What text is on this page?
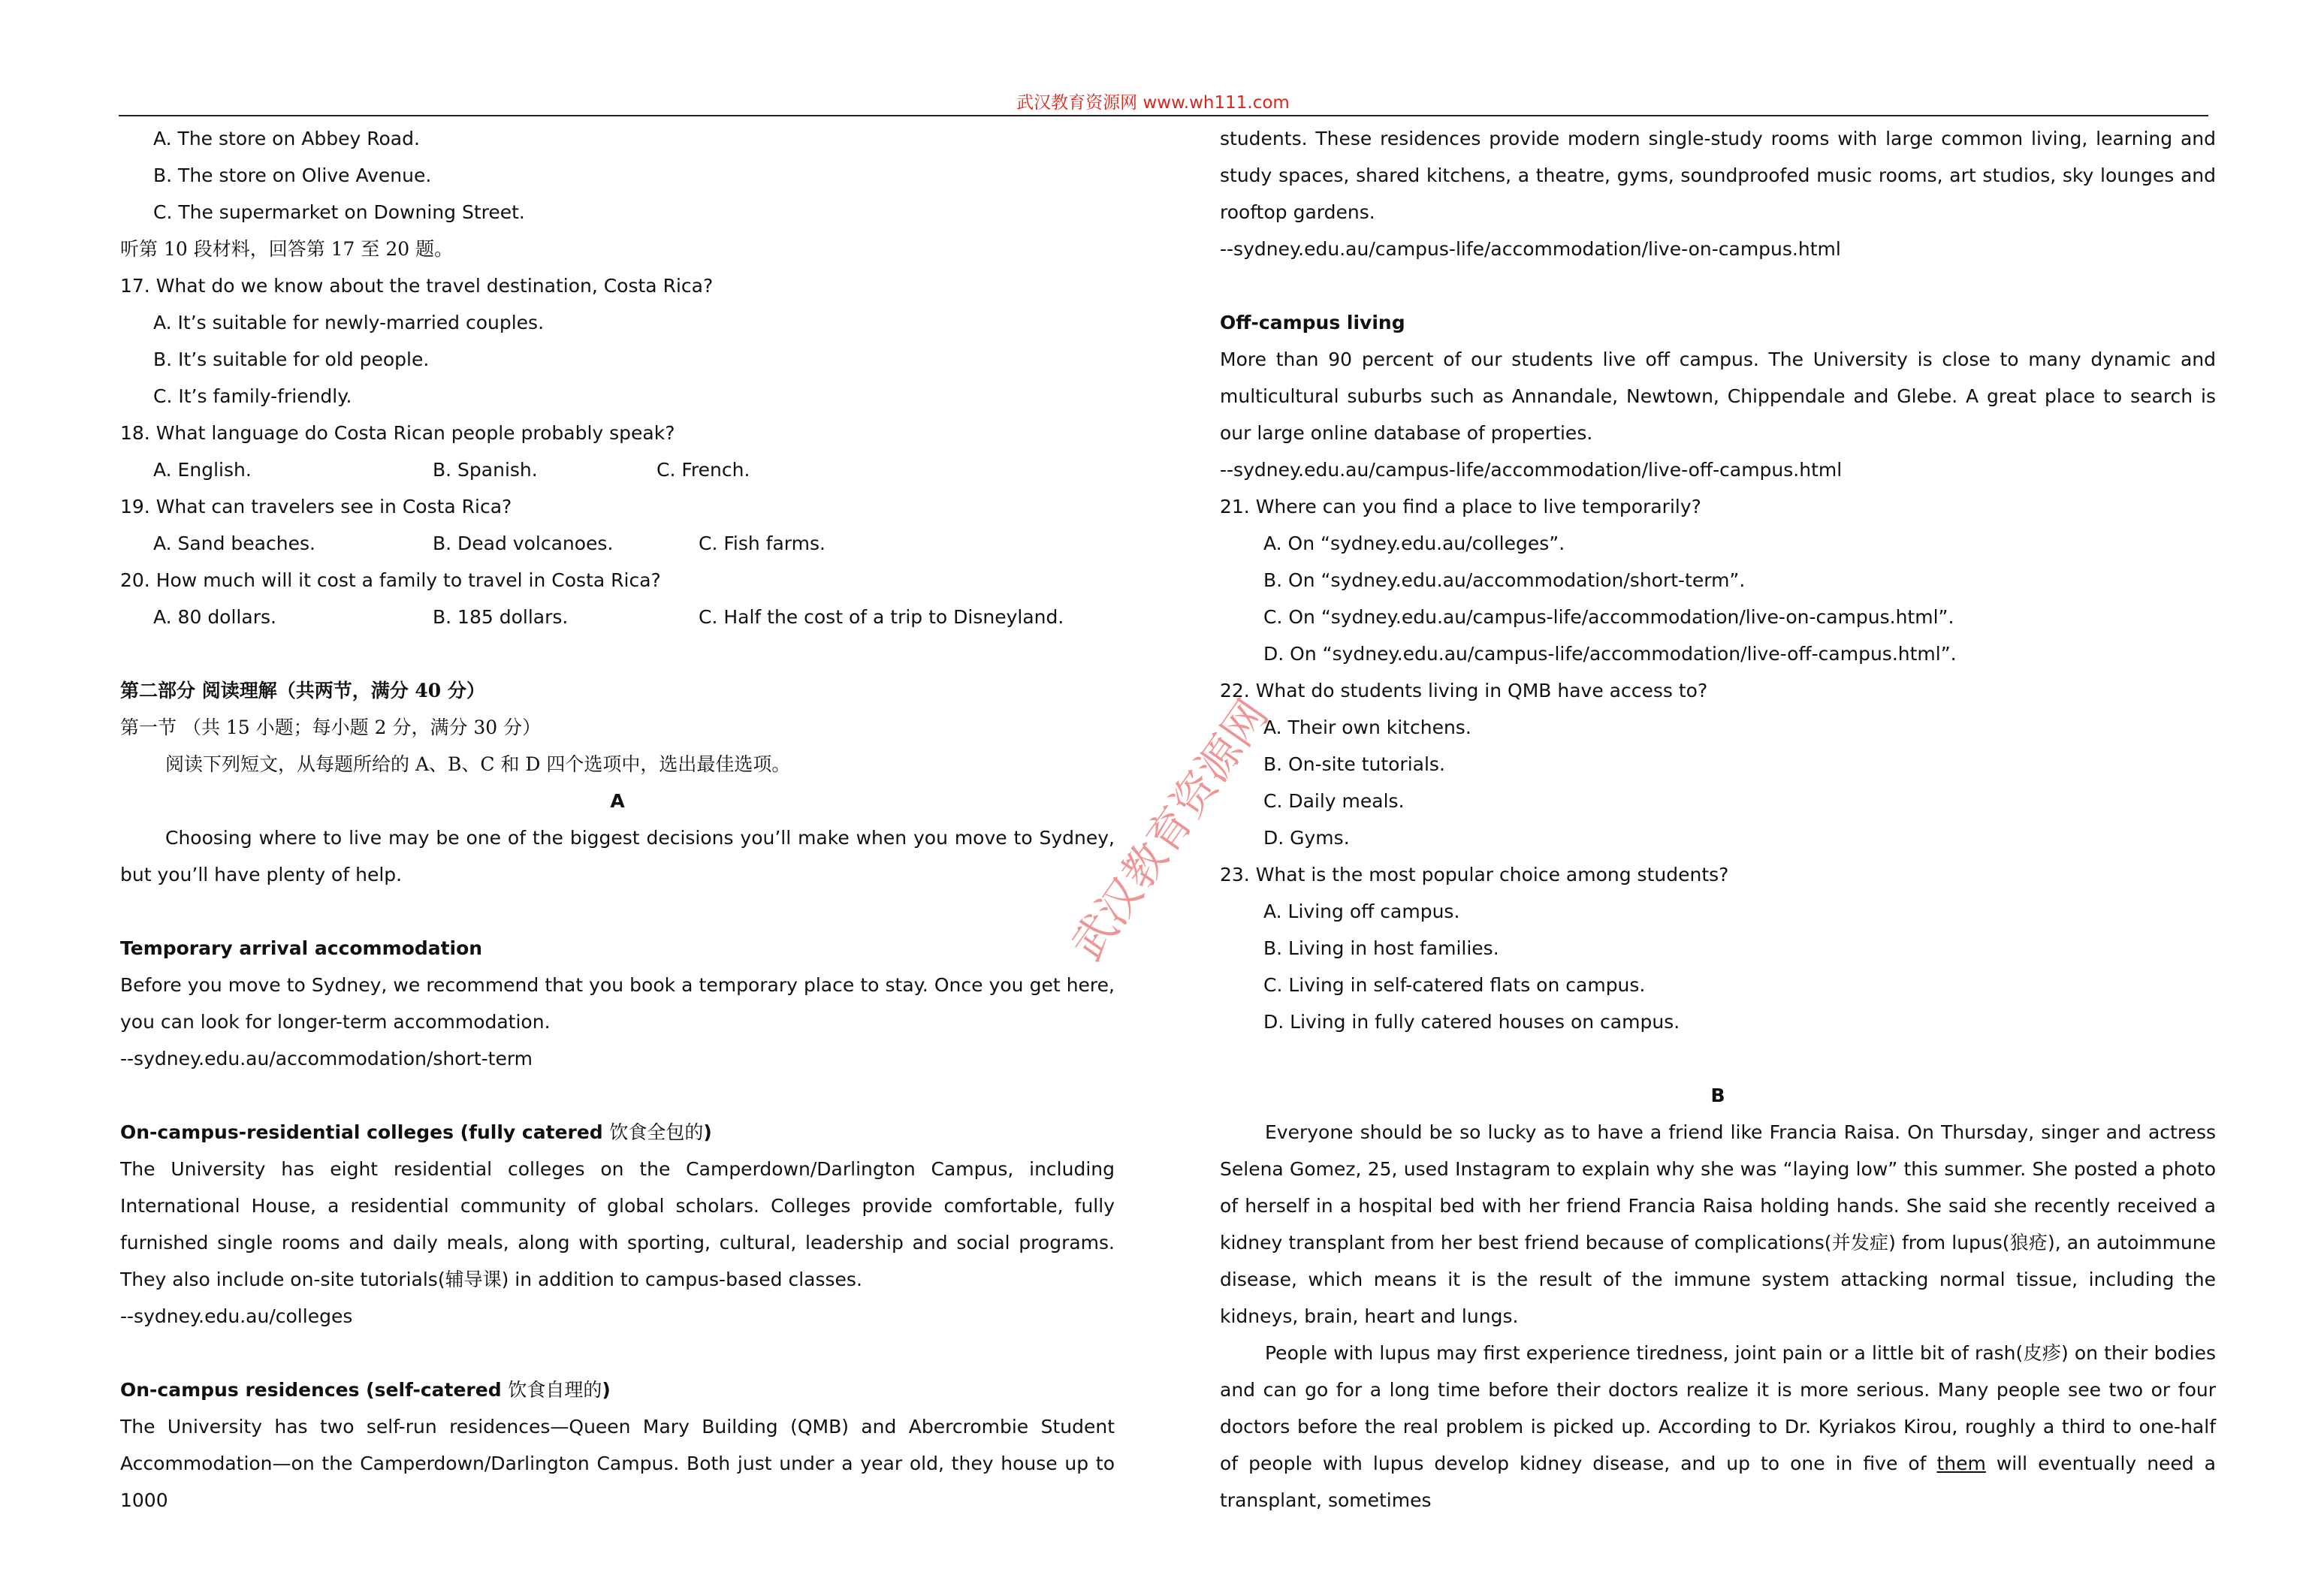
武汉教育资源网 www.wh111.com

A. The store on Abbey Road.

B. The store on Olive Avenue.

C. The supermarket on Downing Street.

听第 10 段材料，回答第 17 至 20 题。

17. What do we know about the travel destination, Costa Rica?

A. It’s suitable for newly-married couples.

B. It’s suitable for old people.

C. It’s family-friendly.

18. What language do Costa Rican people probably speak?

A. English.	B. Spanish.	C. French.

19. What can travelers see in Costa Rica?

A. Sand beaches.	B. Dead volcanoes.	C. Fish farms.

20. How much will it cost a family to travel in Costa Rica?

A. 80 dollars.	B. 185 dollars.	C. Half the cost of a trip to Disneyland.

第二部分 阅读理解（共两节，满分 40 分）

第一节 （共 15 小题；每小题 2 分，满分 30 分）

阅读下列短文，从每题所给的 A、B、C 和 D 四个选项中，选出最佳选项。

A

Choosing where to live may be one of the biggest decisions you’ll make when you move to Sydney, but you’ll have plenty of help.

Temporary arrival accommodation

Before you move to Sydney, we recommend that you book a temporary place to stay. Once you get here, you can look for longer-term accommodation.

--sydney.edu.au/accommodation/short-term

On-campus-residential colleges (fully catered 饮食全包的)

The University has eight residential colleges on the Camperdown/Darlington Campus, including International House, a residential community of global scholars. Colleges provide comfortable, fully furnished single rooms and daily meals, along with sporting, cultural, leadership and social programs. They also include on-site tutorials(辅导课) in addition to campus-based classes.

--sydney.edu.au/colleges

On-campus residences (self-catered 饮食自理的)

The University has two self-run residences—Queen Mary Building (QMB) and Abercrombie Student Accommodation—on the Camperdown/Darlington Campus. Both just under a year old, they house up to 1000

students. These residences provide modern single-study rooms with large common living, learning and study spaces, shared kitchens, a theatre, gyms, soundproofed music rooms, art studios, sky lounges and rooftop gardens.

--sydney.edu.au/campus-life/accommodation/live-on-campus.html

Off-campus living

More than 90 percent of our students live off campus. The University is close to many dynamic and multicultural suburbs such as Annandale, Newtown, Chippendale and Glebe. A great place to search is our large online database of properties.

--sydney.edu.au/campus-life/accommodation/live-off-campus.html

21. Where can you find a place to live temporarily?

A. On “sydney.edu.au/colleges”.

B. On “sydney.edu.au/accommodation/short-term”.

C. On “sydney.edu.au/campus-life/accommodation/live-on-campus.html”.

D. On “sydney.edu.au/campus-life/accommodation/live-off-campus.html”.

22. What do students living in QMB have access to?

A. Their own kitchens.

B. On-site tutorials.

C. Daily meals.

D. Gyms.

23. What is the most popular choice among students?

A. Living off campus.

B. Living in host families.

C. Living in self-catered flats on campus.

D. Living in fully catered houses on campus.

B

Everyone should be so lucky as to have a friend like Francia Raisa. On Thursday, singer and actress Selena Gomez, 25, used Instagram to explain why she was “laying low” this summer. She posted a photo of herself in a hospital bed with her friend Francia Raisa holding hands. She said she recently received a kidney transplant from her best friend because of complications(并发症) from lupus(狼疮), an autoimmune disease, which means it is the result of the immune system attacking normal tissue, including the kidneys, brain, heart and lungs.

People with lupus may first experience tiredness, joint pain or a little bit of rash(皮疹) on their bodies and can go for a long time before their doctors realize it is more serious. Many people see two or four doctors before the real problem is picked up. According to Dr. Kyriakos Kirou, roughly a third to one-half of people with lupus develop kidney disease, and up to one in five of them will eventually need a transplant, sometimes

武汉教育资源网
